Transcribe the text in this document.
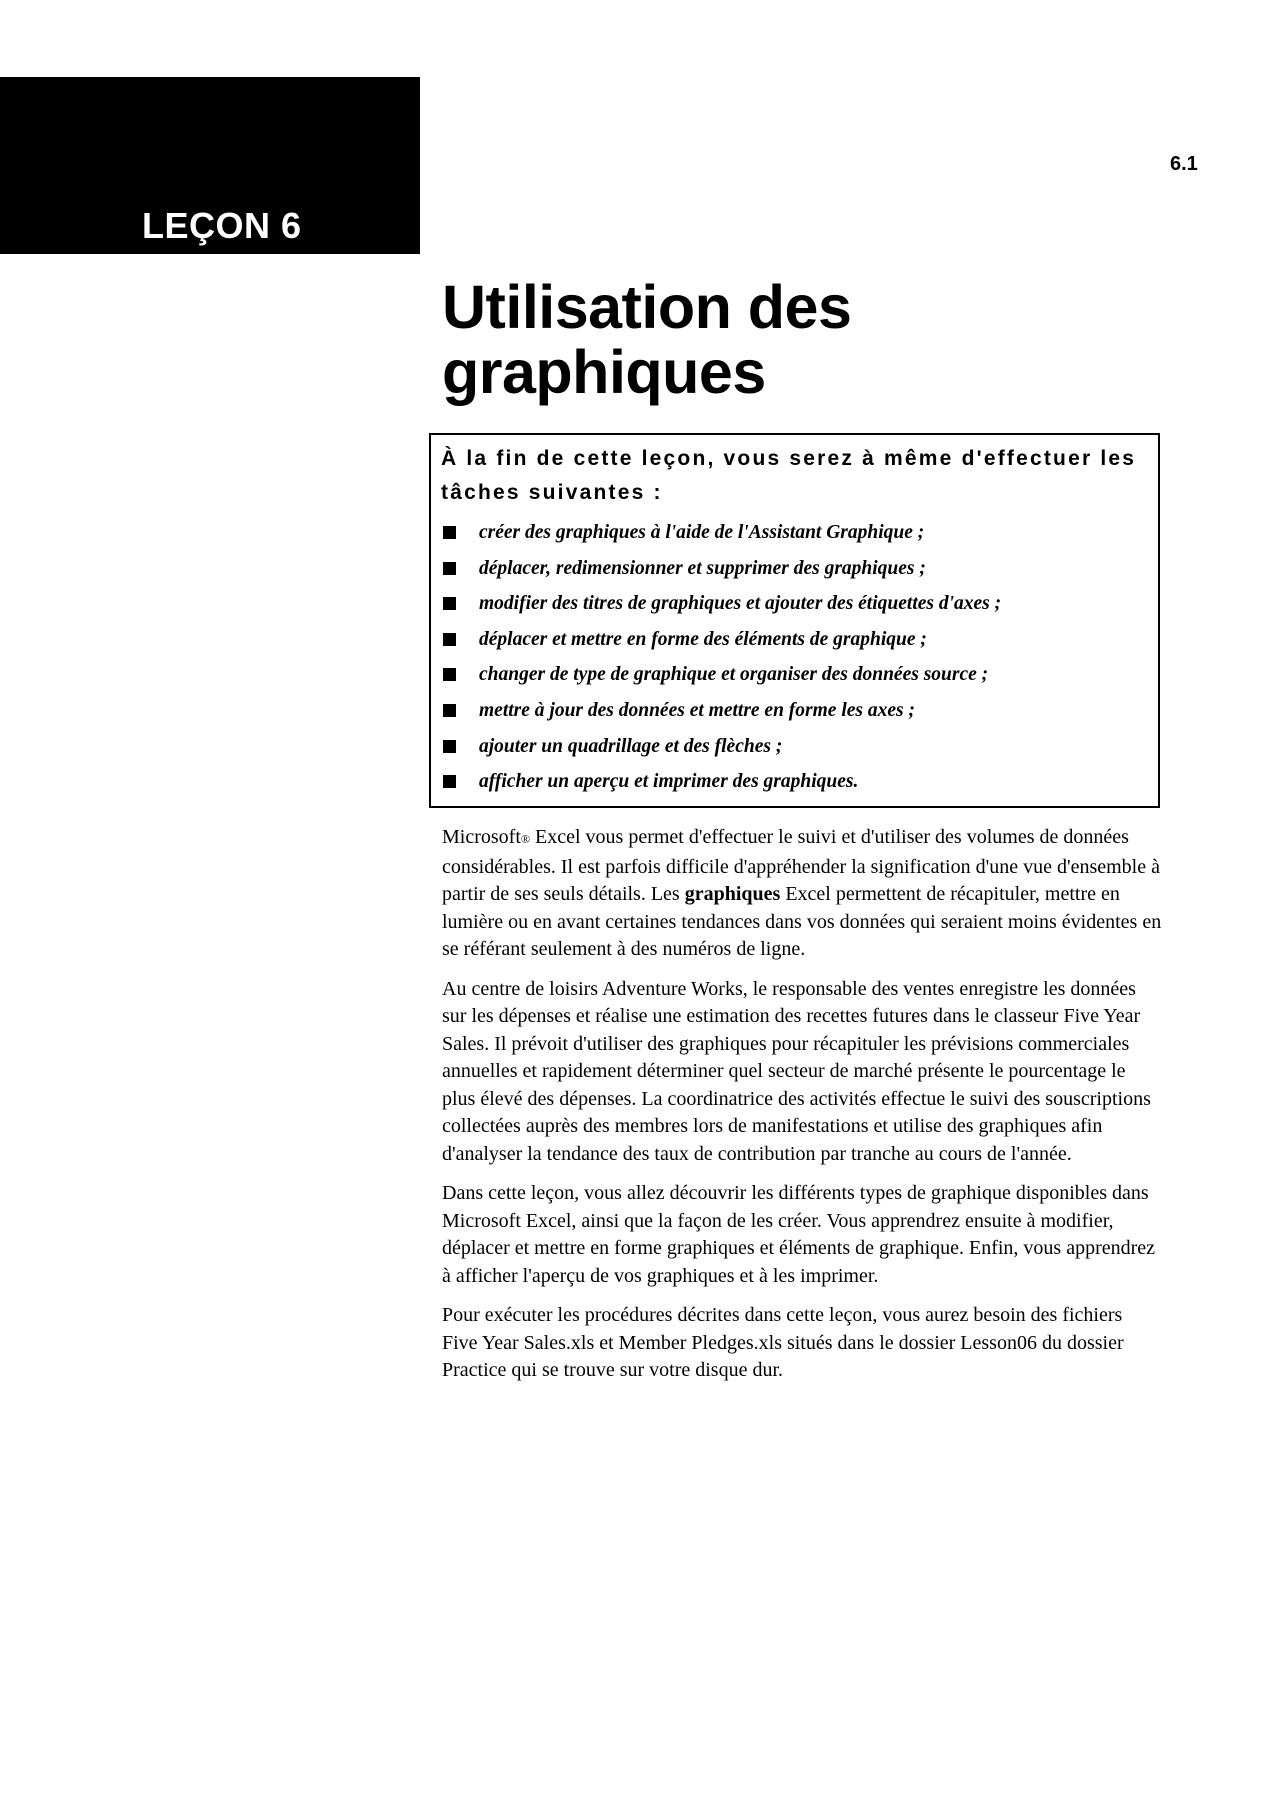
LEÇON 6
6.1
Utilisation des
graphiques

À la fin de cette leçon, vous serez à même d'effectuer les tâches suivantes :

créer des graphiques à l'aide de l'Assistant Graphique ;
déplacer, redimensionner et supprimer des graphiques ;
modifier des titres de graphiques et ajouter des étiquettes d'axes ;
déplacer et mettre en forme des éléments de graphique ;
changer de type de graphique et organiser des données source ;
mettre à jour des données et mettre en forme les axes ;
ajouter un quadrillage et des flèches ;
afficher un aperçu et imprimer des graphiques.

Microsoft® Excel vous permet d'effectuer le suivi et d'utiliser des volumes de données considérables. Il est parfois difficile d'appréhender la signification d'une vue d'ensemble à partir de ses seuls détails. Les graphiques Excel permettent de récapituler, mettre en lumière ou en avant certaines tendances dans vos données qui seraient moins évidentes en se référant seulement à des numéros de ligne.

Au centre de loisirs Adventure Works, le responsable des ventes enregistre les données sur les dépenses et réalise une estimation des recettes futures dans le classeur Five Year Sales. Il prévoit d'utiliser des graphiques pour récapituler les prévisions commerciales annuelles et rapidement déterminer quel secteur de marché présente le pourcentage le plus élevé des dépenses. La coordinatrice des activités effectue le suivi des souscriptions collectées auprès des membres lors de manifestations et utilise des graphiques afin d'analyser la tendance des taux de contribution par tranche au cours de l'année.

Dans cette leçon, vous allez découvrir les différents types de graphique disponibles dans Microsoft Excel, ainsi que la façon de les créer. Vous apprendrez ensuite à modifier, déplacer et mettre en forme graphiques et éléments de graphique. Enfin, vous apprendrez à afficher l'aperçu de vos graphiques et à les imprimer.

Pour exécuter les procédures décrites dans cette leçon, vous aurez besoin des fichiers Five Year Sales.xls et Member Pledges.xls situés dans le dossier Lesson06 du dossier Practice qui se trouve sur votre disque dur.
